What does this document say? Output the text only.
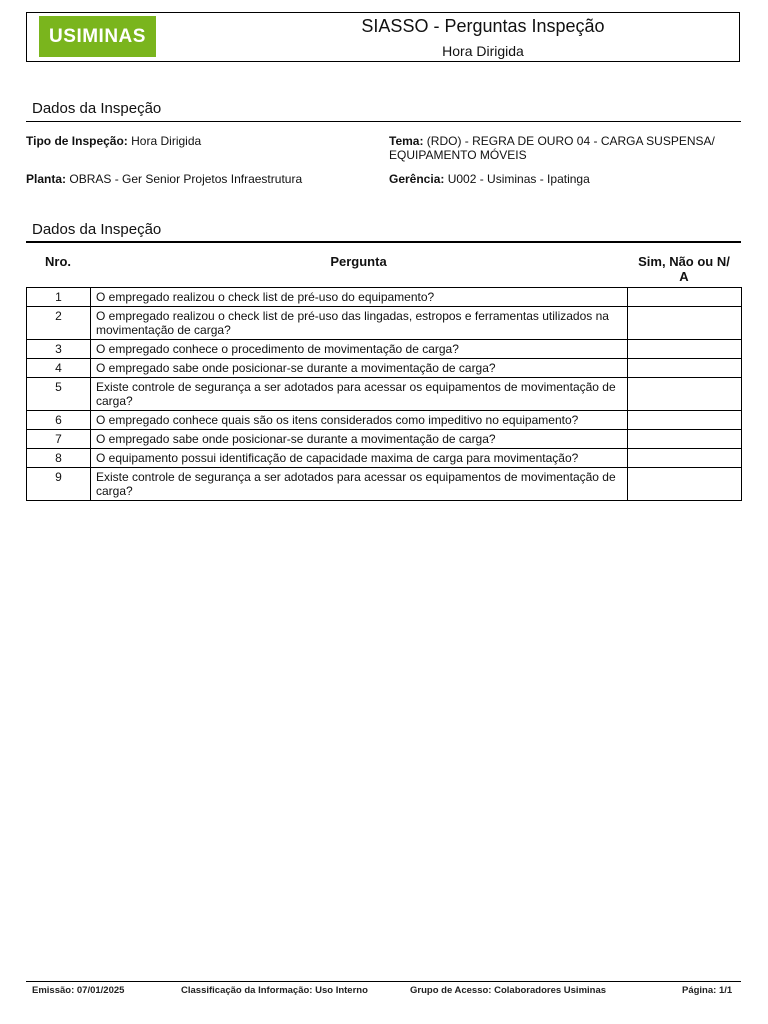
USIMINAS	SIASSO - Perguntas Inspeção
Hora Dirigida
Dados da Inspeção
Tipo de Inspeção: Hora Dirigida	Tema: (RDO) - REGRA DE OURO 04 - CARGA SUSPENSA/
EQUIPAMENTO MÓVEIS
Planta: OBRAS - Ger Senior Projetos Infraestrutura	Gerência: U002 - Usiminas - Ipatinga
Dados da Inspeção
Nro.	Pergunta	Sim, Não ou N/
A
1	O empregado realizou o check list de pré-uso do equipamento?	
2	O empregado realizou o check list de pré-uso das lingadas, estropos e ferramentas utilizados na movimentação de carga?	
3	O empregado conhece o procedimento de movimentação de carga?	
4	O empregado sabe onde posicionar-se durante a movimentação de carga?	
5	Existe controle de segurança a ser adotados para acessar os equipamentos de movimentação de carga?	
6	O empregado conhece quais são os itens considerados como impeditivo no equipamento?	
7	O empregado sabe onde posicionar-se durante a movimentação de carga?	
8	O equipamento possui identificação de capacidade maxima de carga para movimentação?	
9	Existe controle de segurança a ser adotados para acessar os equipamentos de movimentação de carga?	
Emissão: 07/01/2025	Classificação da Informação: Uso Interno	Grupo de Acesso: Colaboradores Usiminas	Página: 1/1
